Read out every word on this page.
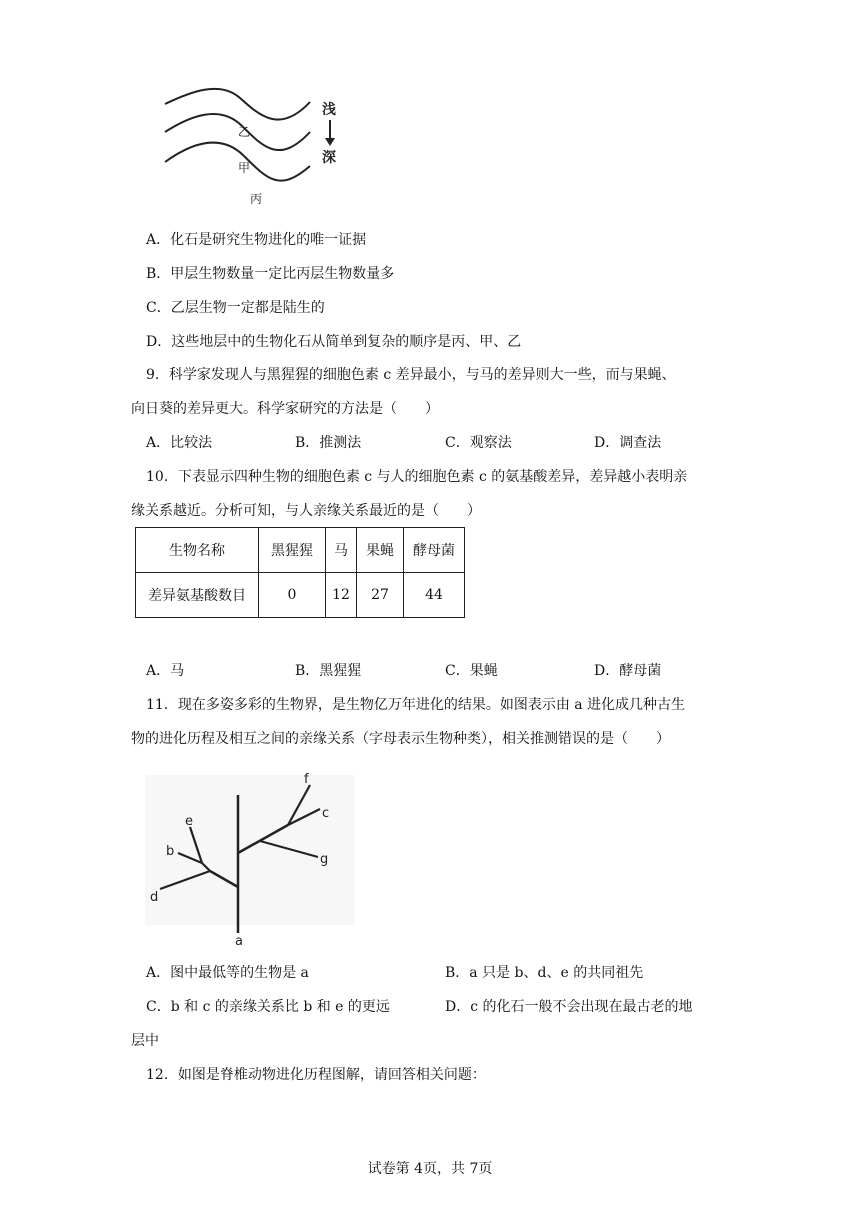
乙
甲
丙
浅
深
A．化石是研究生物进化的唯一证据
B．甲层生物数量一定比丙层生物数量多
C．乙层生物一定都是陆生的
D．这些地层中的生物化石从简单到复杂的顺序是丙、甲、乙
9．科学家发现人与黑猩猩的细胞色素 c 差异最小，与马的差异则大一些，而与果蝇、
向日葵的差异更大。科学家研究的方法是（　　）
A．比较法	B．推测法	C．观察法	D．调查法
10．下表显示四种生物的细胞色素 c 与人的细胞色素 c 的氨基酸差异，差异越小表明亲
缘关系越近。分析可知，与人亲缘关系最近的是（　　）
生物名称	黑猩猩	马	果蝇	酵母菌
差异氨基酸数目	0	12	27	44
A．马	B．黑猩猩	C．果蝇	D．酵母菌
11．现在多姿多彩的生物界，是生物亿万年进化的结果。如图表示由 a 进化成几种古生
物的进化历程及相互之间的亲缘关系（字母表示生物种类），相关推测错误的是（　　）
f
c
g
e
b
d
a
A．图中最低等的生物是 a	B．a 只是 b、d、e 的共同祖先
C．b 和 c 的亲缘关系比 b 和 e 的更远	D．c 的化石一般不会出现在最古老的地
层中
12．如图是脊椎动物进化历程图解，请回答相关问题：
试卷第 4页，共 7页
